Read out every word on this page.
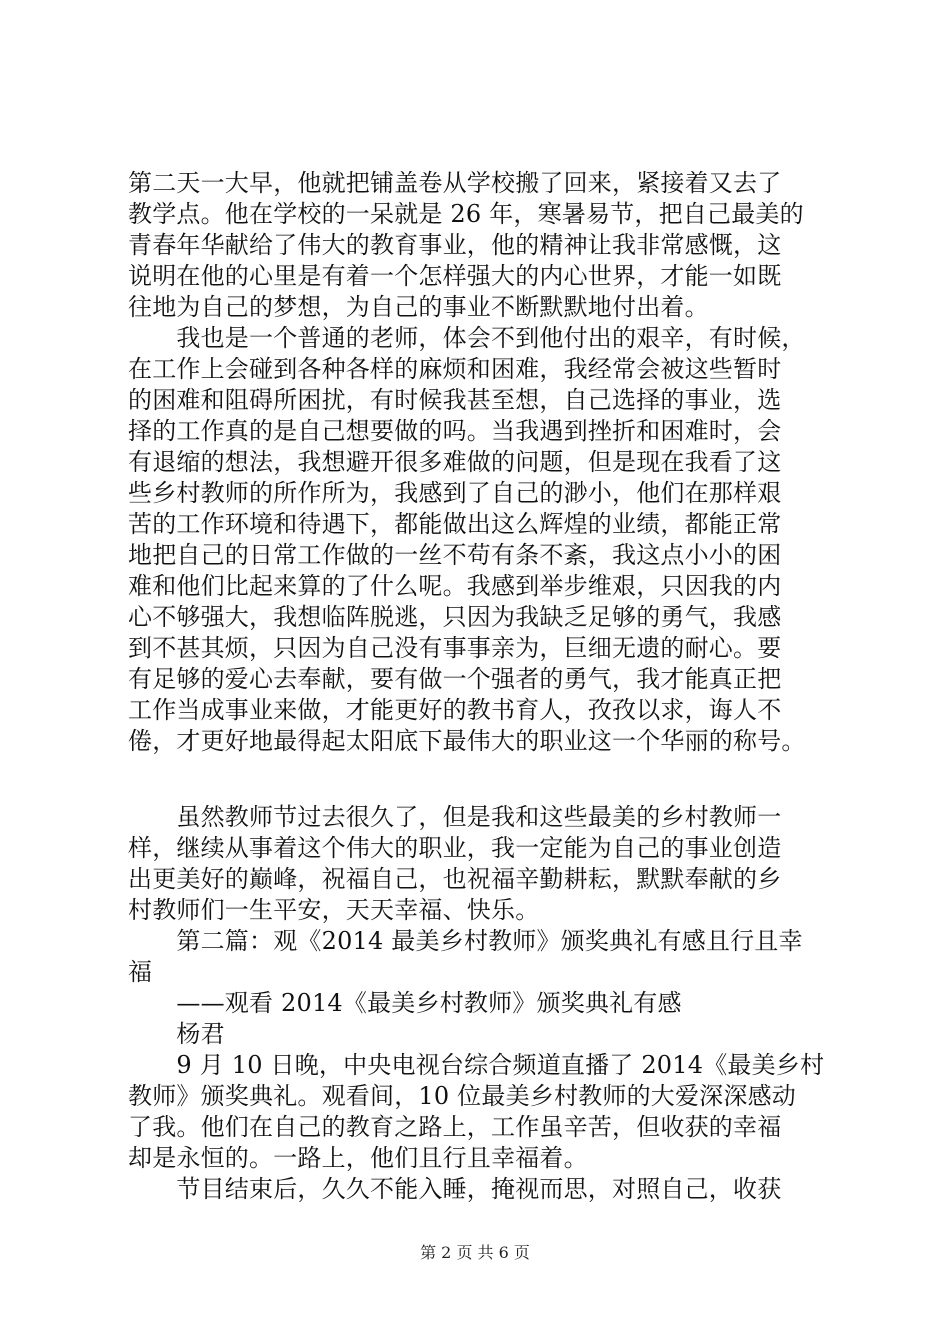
第二天一大早，他就把铺盖卷从学校搬了回来，紧接着又去了
教学点。他在学校的一呆就是 26 年，寒暑易节，把自己最美的
青春年华献给了伟大的教育事业，他的精神让我非常感慨，这
说明在他的心里是有着一个怎样强大的内心世界，才能一如既
往地为自己的梦想，为自己的事业不断默默地付出着。
　　我也是一个普通的老师，体会不到他付出的艰辛，有时候，
在工作上会碰到各种各样的麻烦和困难，我经常会被这些暂时
的困难和阻碍所困扰，有时候我甚至想，自己选择的事业，选
择的工作真的是自己想要做的吗。当我遇到挫折和困难时，会
有退缩的想法，我想避开很多难做的问题，但是现在我看了这
些乡村教师的所作所为，我感到了自己的渺小，他们在那样艰
苦的工作环境和待遇下，都能做出这么辉煌的业绩，都能正常
地把自己的日常工作做的一丝不苟有条不紊，我这点小小的困
难和他们比起来算的了什么呢。我感到举步维艰，只因我的内
心不够强大，我想临阵脱逃，只因为我缺乏足够的勇气，我感
到不甚其烦，只因为自己没有事事亲为，巨细无遗的耐心。要
有足够的爱心去奉献，要有做一个强者的勇气，我才能真正把
工作当成事业来做，才能更好的教书育人，孜孜以求，诲人不
倦，才更好地最得起太阳底下最伟大的职业这一个华丽的称号。
　　虽然教师节过去很久了，但是我和这些最美的乡村教师一
样，继续从事着这个伟大的职业，我一定能为自己的事业创造
出更美好的巅峰，祝福自己，也祝福辛勤耕耘，默默奉献的乡
村教师们一生平安，天天幸福、快乐。
　　第二篇：观《2014 最美乡村教师》颁奖典礼有感且行且幸
福
　　——观看 2014《最美乡村教师》颁奖典礼有感
　　杨君
　　9 月 10 日晚，中央电视台综合频道直播了 2014《最美乡村
教师》颁奖典礼。观看间，10 位最美乡村教师的大爱深深感动
了我。他们在自己的教育之路上，工作虽辛苦，但收获的幸福
却是永恒的。一路上，他们且行且幸福着。
　　节目结束后，久久不能入睡，掩视而思，对照自己，收获
第 2 页 共 6 页
